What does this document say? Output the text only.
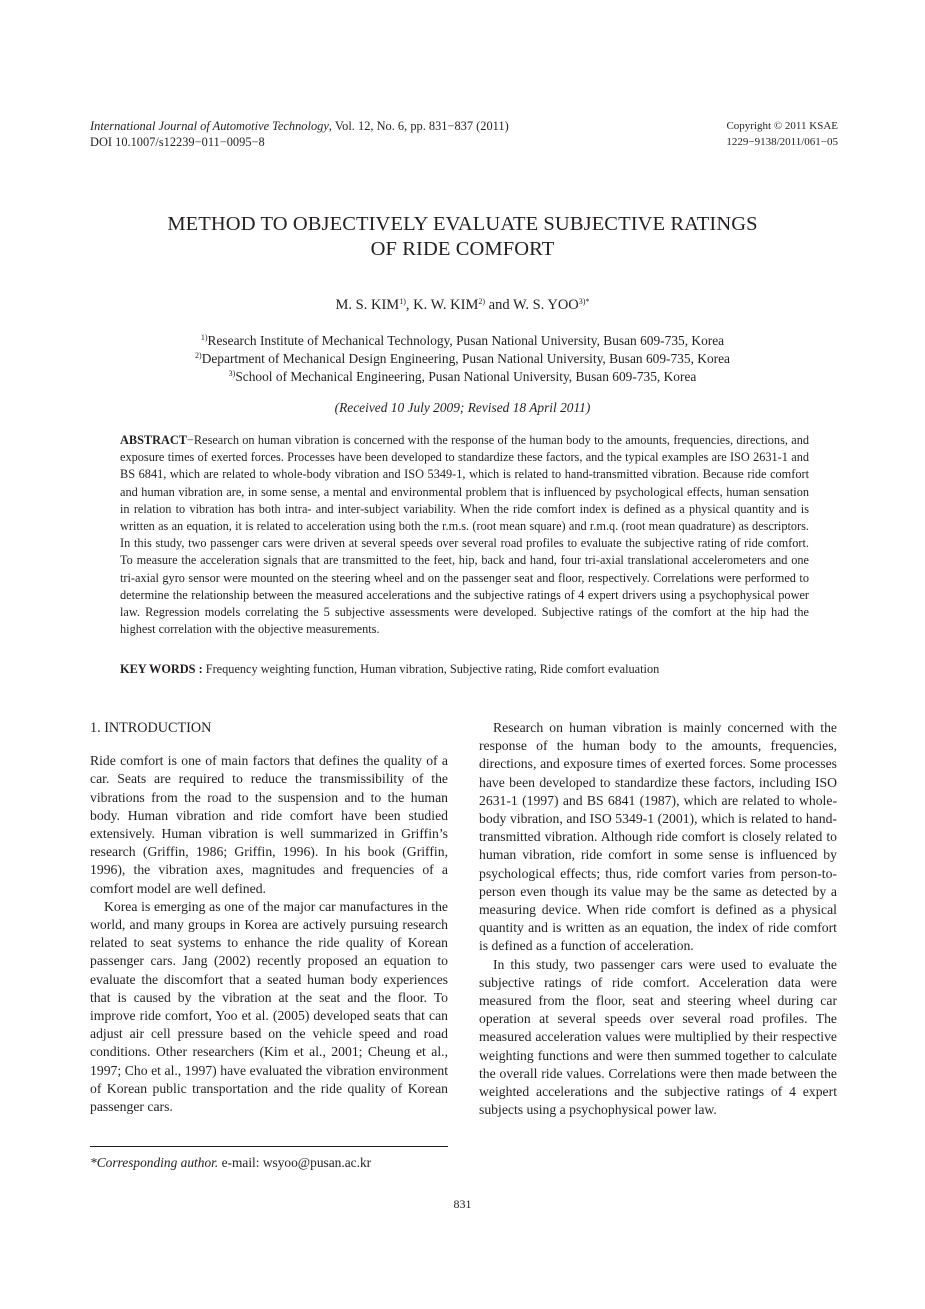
International Journal of Automotive Technology, Vol. 12, No. 6, pp. 831−837 (2011)
DOI 10.1007/s12239−011−0095−8
Copyright © 2011 KSAE
1229−9138/2011/061−05
METHOD TO OBJECTIVELY EVALUATE SUBJECTIVE RATINGS
OF RIDE COMFORT
M. S. KIM$^{1)}$, K. W. KIM$^{2)}$ and W. S. $YOO^{3)*}$
$^{1)}$Research Institute of Mechanical Technology, Pusan National University, Busan 609-735, Korea
$^{2)}$Department of Mechanical Design Engineering, Pusan National University, Busan 609-735, Korea
$^{3)}$School of Mechanical Engineering, Pusan National University, Busan 609-735, Korea
(Received 10 July 2009; Revised 18 April 2011)
ABSTRACT−Research on human vibration is concerned with the response of the human body to the amounts, frequencies, directions, and exposure times of exerted forces. Processes have been developed to standardize these factors, and the typical examples are ISO 2631-1 and BS 6841, which are related to whole-body vibration and ISO 5349-1, which is related to hand-transmitted vibration. Because ride comfort and human vibration are, in some sense, a mental and environmental problem that is influenced by psychological effects, human sensation in relation to vibration has both intra- and inter-subject variability. When the ride comfort index is defined as a physical quantity and is written as an equation, it is related to acceleration using both the r.m.s. (root mean square) and r.m.q. (root mean quadrature) as descriptors. In this study, two passenger cars were driven at several speeds over several road profiles to evaluate the subjective rating of ride comfort. To measure the acceleration signals that are transmitted to the feet, hip, back and hand, four tri-axial translational accelerometers and one tri-axial gyro sensor were mounted on the steering wheel and on the passenger seat and floor, respectively. Correlations were performed to determine the relationship between the measured accelerations and the subjective ratings of 4 expert drivers using a psychophysical power law. Regression models correlating the 5 subjective assessments were developed. Subjective ratings of the comfort at the hip had the highest correlation with the objective measurements.
KEY WORDS : Frequency weighting function, Human vibration, Subjective rating, Ride comfort evaluation
1. INTRODUCTION

Ride comfort is one of main factors that defines the quality of a car. Seats are required to reduce the transmissibility of the vibrations from the road to the suspension and to the human body. Human vibration and ride comfort have been studied extensively. Human vibration is well summarized in Griffin’s research (Griffin, 1986; Griffin, 1996). In his book (Griffin, 1996), the vibration axes, magnitudes and frequencies of a comfort model are well defined.

Korea is emerging as one of the major car manufactures in the world, and many groups in Korea are actively pursuing research related to seat systems to enhance the ride quality of Korean passenger cars. Jang (2002) recently proposed an equation to evaluate the discomfort that a seated human body experiences that is caused by the vibration at the seat and the floor. To improve ride comfort, Yoo et al. (2005) developed seats that can adjust air cell pressure based on the vehicle speed and road conditions. Other researchers (Kim et al., 2001; Cheung et al., 1997; Cho et al., 1997) have evaluated the vibration environment of Korean public transportation and the ride quality of Korean passenger cars.

*Corresponding author. e-mail: wsyoo@pusan.ac.kr

Research on human vibration is mainly concerned with the response of the human body to the amounts, frequencies, directions, and exposure times of exerted forces. Some processes have been developed to standardize these factors, including ISO 2631-1 (1997) and BS 6841 (1987), which are related to whole-body vibration, and ISO 5349-1 (2001), which is related to hand-transmitted vibration. Although ride comfort is closely related to human vibration, ride comfort in some sense is influenced by psychological effects; thus, ride comfort varies from person-to-person even though its value may be the same as detected by a measuring device. When ride comfort is defined as a physical quantity and is written as an equation, the index of ride comfort is defined as a function of acceleration.

In this study, two passenger cars were used to evaluate the subjective ratings of ride comfort. Acceleration data were measured from the floor, seat and steering wheel during car operation at several speeds over several road profiles. The measured acceleration values were multiplied by their respective weighting functions and were then summed together to calculate the overall ride values. Correlations were then made between the weighted accelerations and the subjective ratings of 4 expert subjects using a psychophysical power law.

831
